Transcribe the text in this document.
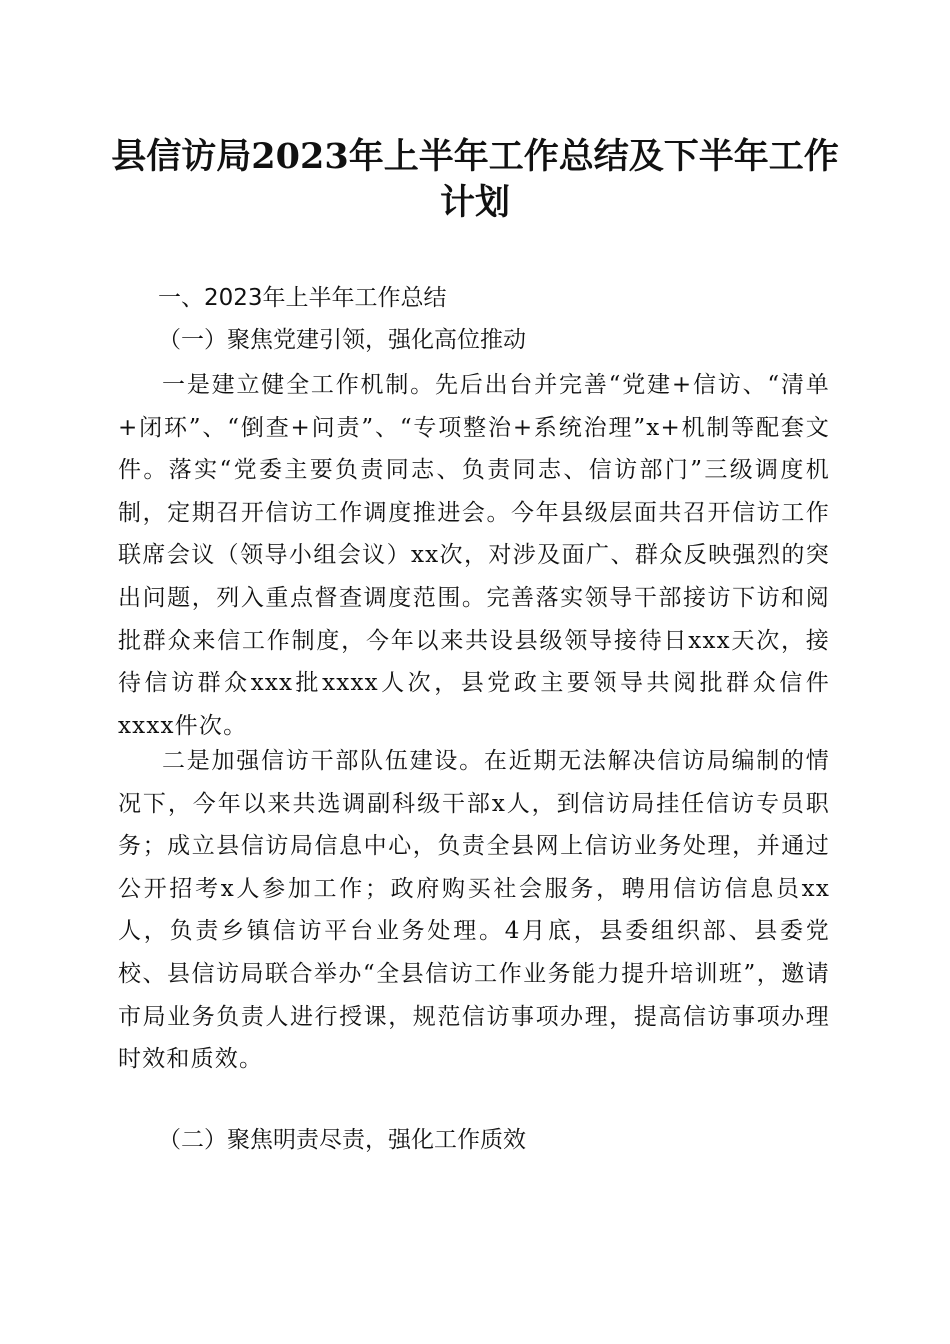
县信访局2023年上半年工作总结及下半年工作计划
一、2023年上半年工作总结
（一）聚焦党建引领，强化高位推动
一是建立健全工作机制。先后出台并完善“党建+信访、“清单+闭环”、“倒查+问责”、“专项整治+系统治理”x+机制等配套文件。落实“党委主要负责同志、负责同志、信访部门”三级调度机制，定期召开信访工作调度推进会。今年县级层面共召开信访工作联席会议（领导小组会议）xx次，对涉及面广、群众反映强烈的突出问题，列入重点督查调度范围。完善落实领导干部接访下访和阅批群众来信工作制度，今年以来共设县级领导接待日xxx天次，接待信访群众xxx批xxxx人次，县党政主要领导共阅批群众信件xxxx件次。
二是加强信访干部队伍建设。在近期无法解决信访局编制的情况下，今年以来共选调副科级干部x人，到信访局挂任信访专员职务；成立县信访局信息中心，负责全县网上信访业务处理，并通过公开招考x人参加工作；政府购买社会服务，聘用信访信息员xx人，负责乡镇信访平台业务处理。4月底，县委组织部、县委党校、县信访局联合举办“全县信访工作业务能力提升培训班”，邀请市局业务负责人进行授课，规范信访事项办理，提高信访事项办理时效和质效。
（二）聚焦明责尽责，强化工作质效
